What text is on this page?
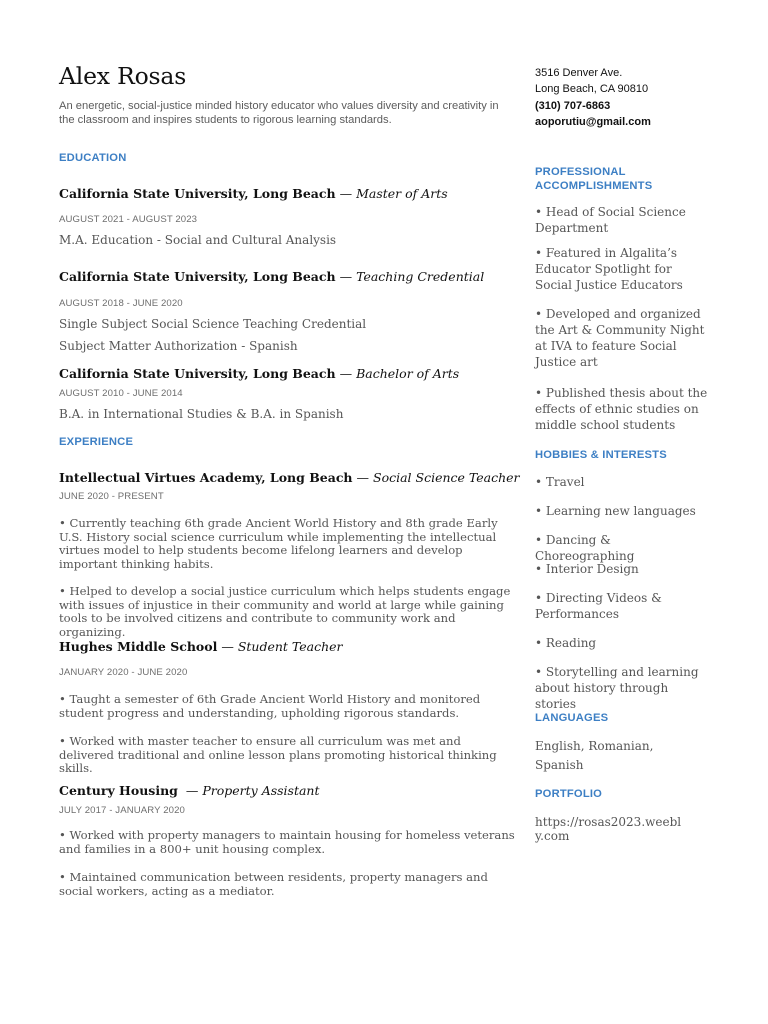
Alex Rosas
An energetic, social-justice minded history educator who values diversity and creativity in the classroom and inspires students to rigorous learning standards.
3516 Denver Ave.
Long Beach, CA 90810
(310) 707-6863
aoporutiu@gmail.com
EDUCATION
California State University, Long Beach — Master of Arts
AUGUST 2021 - AUGUST 2023
M.A. Education - Social and Cultural Analysis
California State University, Long Beach — Teaching Credential
AUGUST 2018 - JUNE 2020
Single Subject Social Science Teaching Credential
Subject Matter Authorization - Spanish
California State University, Long Beach — Bachelor of Arts
AUGUST 2010 - JUNE 2014
B.A. in International Studies & B.A. in Spanish
EXPERIENCE
Intellectual Virtues Academy, Long Beach — Social Science Teacher
JUNE 2020 - PRESENT
• Currently teaching 6th grade Ancient World History and 8th grade Early U.S. History social science curriculum while implementing the intellectual virtues model to help students become lifelong learners and develop important thinking habits.
• Helped to develop a social justice curriculum which helps students engage with issues of injustice in their community and world at large while gaining tools to be involved citizens and contribute to community work and organizing.
Hughes Middle School — Student Teacher
JANUARY 2020 - JUNE 2020
• Taught a semester of 6th Grade Ancient World History and monitored student progress and understanding, upholding rigorous standards.
• Worked with master teacher to ensure all curriculum was met and delivered traditional and online lesson plans promoting historical thinking skills.
Century Housing — Property Assistant
JULY 2017 - JANUARY 2020
• Worked with property managers to maintain housing for homeless veterans and families in a 800+ unit housing complex.
• Maintained communication between residents, property managers and social workers, acting as a mediator.
PROFESSIONAL ACCOMPLISHMENTS
• Head of Social Science Department
• Featured in Algalita’s Educator Spotlight for Social Justice Educators
• Developed and organized the Art & Community Night at IVA to feature Social Justice art
• Published thesis about the effects of ethnic studies on middle school students
HOBBIES & INTERESTS
• Travel
• Learning new languages
• Dancing & Choreographing
• Interior Design
• Directing Videos & Performances
• Reading
• Storytelling and learning about history through stories
LANGUAGES
English, Romanian, Spanish
PORTFOLIO
https://rosas2023.weebly.com
